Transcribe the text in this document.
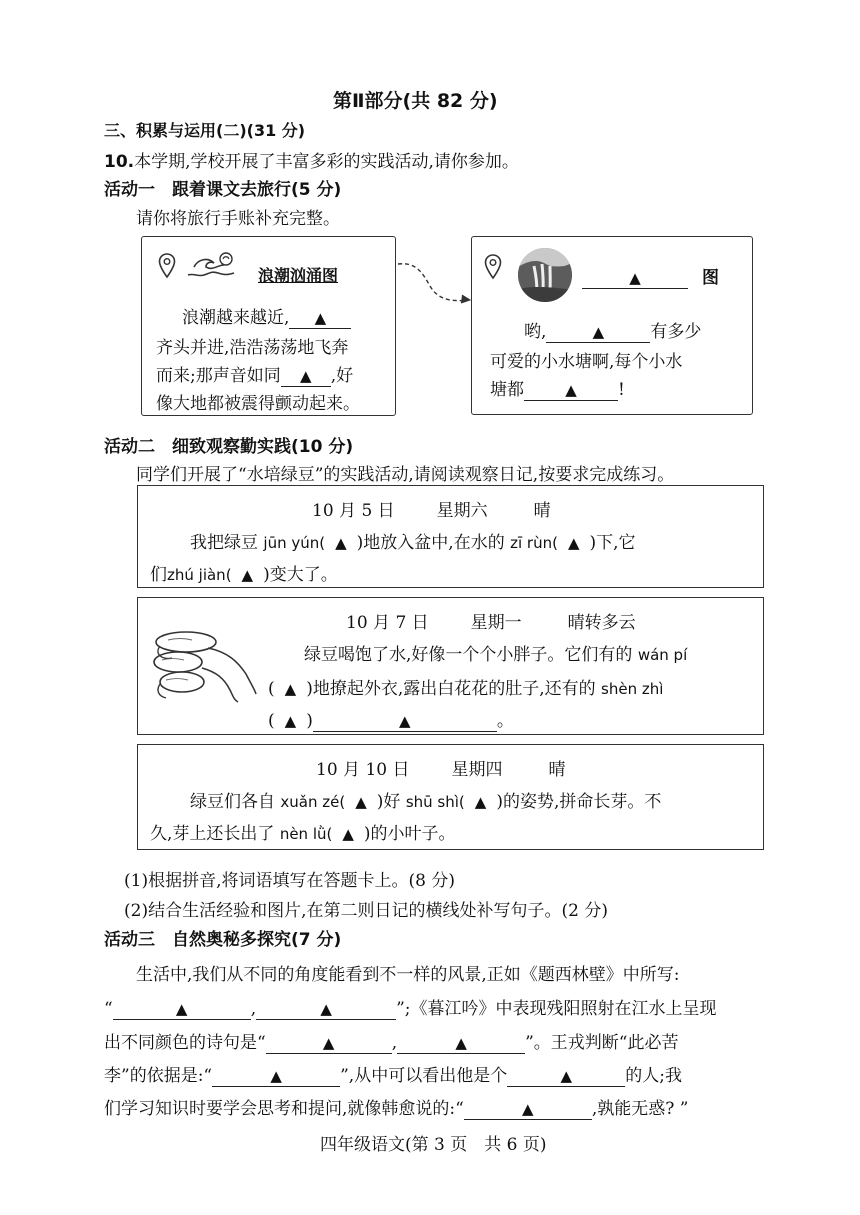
第Ⅱ部分(共 82 分)
三、积累与运用(二)(31 分)
10.本学期,学校开展了丰富多彩的实践活动,请你参加。
活动一　跟着课文去旅行(5 分)
请你将旅行手账补充完整。
浪潮汹涌图
浪潮越来越近, ▲
齐头并进,浩浩荡荡地飞奔
而来;那声音如同 ▲ ,好
像大地都被震得颤动起来。
▲	图
哟,	▲	有多少
可爱的小水塘啊,每个小水
塘都	▲ !
活动二　细致观察勤实践(10 分)
同学们开展了“水培绿豆”的实践活动,请阅读观察日记,按要求完成练习。
10 月 5 日 星期六	晴
我把绿豆 jūn yún( ▲ )地放入盆中,在水的 zī rùn( ▲ )下,它
们zhú jiàn( ▲ )变大了。
10 月 7 日 星期一	晴转多云
绿豆喝饱了水,好像一个个小胖子。它们有的 wán pí
( ▲ )地撩起外衣,露出白花花的肚子,还有的 shèn zhì
( ▲ )	▲	。
10 月 10 日 星期四	晴
绿豆们各自 xuǎn zé( ▲ )好 shū shì( ▲ )的姿势,拼命长芽。不
久,芽上还长出了 nèn lǜ( ▲ )的小叶子。
(1)根据拼音,将词语填写在答题卡上。(8 分)
(2)结合生活经验和图片,在第二则日记的横线处补写句子。(2 分)
活动三　自然奥秘多探究(7 分)
生活中,我们从不同的角度能看到不一样的风景,正如《题西林壁》中所写:
“	▲	,	▲	”;《暮江吟》中表现残阳照射在江水上呈现
出不同颜色的诗句是“	▲	,	▲	”。王戎判断“此必苦
李”的依据是:“	▲	”,从中可以看出他是个	▲	的人;我
们学习知识时要学会思考和提问,就像韩愈说的:“	▲	,孰能无惑? ”
四年级语文(第 3 页　共 6 页)
